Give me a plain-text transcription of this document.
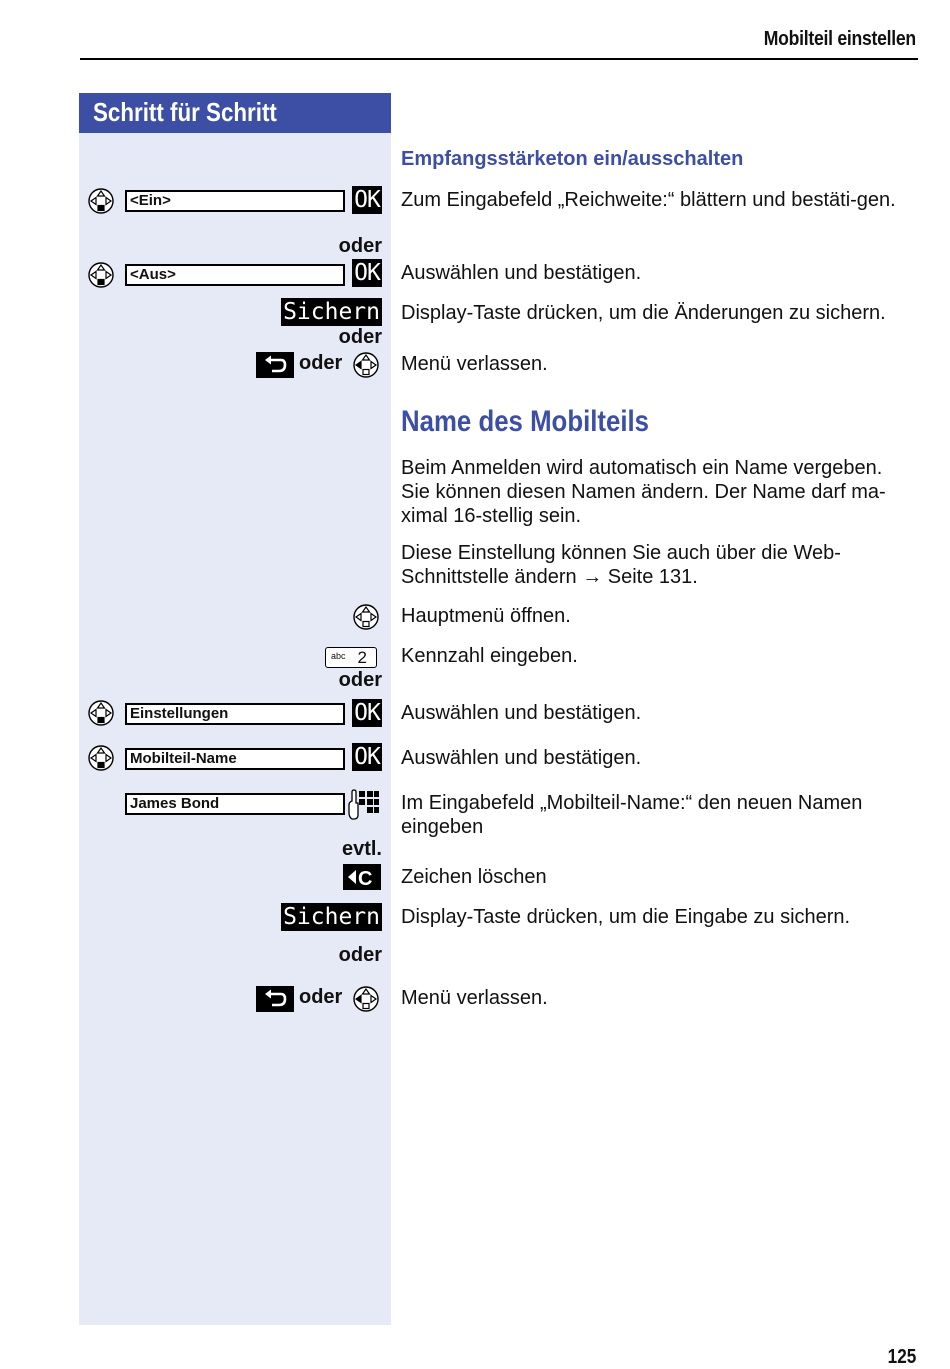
Mobilteil einstellen
Schritt für Schritt
Empfangsstärketon ein/ausschalten
<Ein>	OK Zum Eingabefeld „Reichweite:“ blättern und bestäti-gen.
oder
<Aus>	OK Auswählen und bestätigen.
Sichern Display-Taste drücken, um die Änderungen zu sichern.
oder
oder	Menü verlassen.
Name des Mobilteils
Beim Anmelden wird automatisch ein Name vergeben. Sie können diesen Namen ändern. Der Name darf ma-ximal 16-stellig sein.
Diese Einstellung können Sie auch über die Web-Schnittstelle ändern → Seite 131.
Hauptmenü öffnen.
abc 2 Kennzahl eingeben.
oder
Einstellungen	OK Auswählen und bestätigen.
Mobilteil-Name	OK Auswählen und bestätigen.
James Bond	Im Eingabefeld „Mobilteil-Name:“ den neuen Namen eingeben
evtl.
C Zeichen löschen
Sichern Display-Taste drücken, um die Eingabe zu sichern.
oder
oder	Menü verlassen.
125
